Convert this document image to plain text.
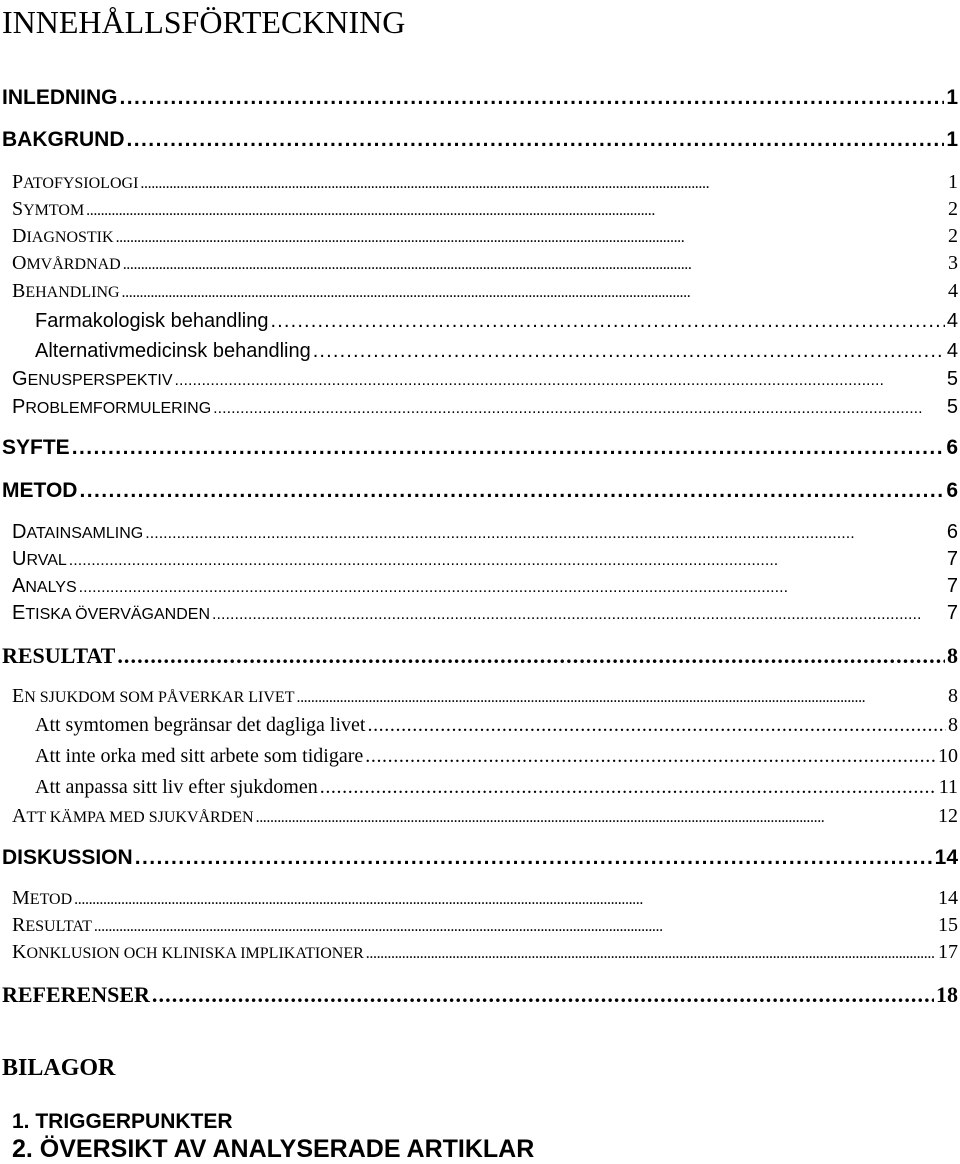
INNEHÅLLSFÖRTECKNING
INLEDNING . . .	1
BAKGRUND . . .	1
PATOFYSIOLOGI . . .	1
SYMTOM . . .	2
DIAGNOSTIK . . .	2
OMVÅRDNAD . . .	3
BEHANDLING . . .	4
Farmakologisk behandling . . .	4
Alternativmedicinsk behandling . . .	4
GENUSPERSPEKTIV . . .	5
PROBLEMFORMULERING . . .	5
SYFTE . . .	6
METOD . . .	6
DATAINSAMLING . . .	6
URVAL . . .	7
ANALYS . . .	7
ETISKA ÖVERVÄGANDEN . . .	7
RESULTAT . . .	8
EN SJUKDOM SOM PÅVERKAR LIVET . . .	8
Att symtomen begränsar det dagliga livet . . .	8
Att inte orka med sitt arbete som tidigare . . .	10
Att anpassa sitt liv efter sjukdomen . . .	11
ATT KÄMPA MED SJUKVÅRDEN . . .	12
DISKUSSION . . .	14
METOD . . .	14
RESULTAT . . .	15
KONKLUSION OCH KLINISKA IMPLIKATIONER . . .	17
REFERENSER . . .	18
BILAGOR
1. TRIGGERPUNKTER
2. ÖVERSIKT AV ANALYSERADE ARTIKLAR
